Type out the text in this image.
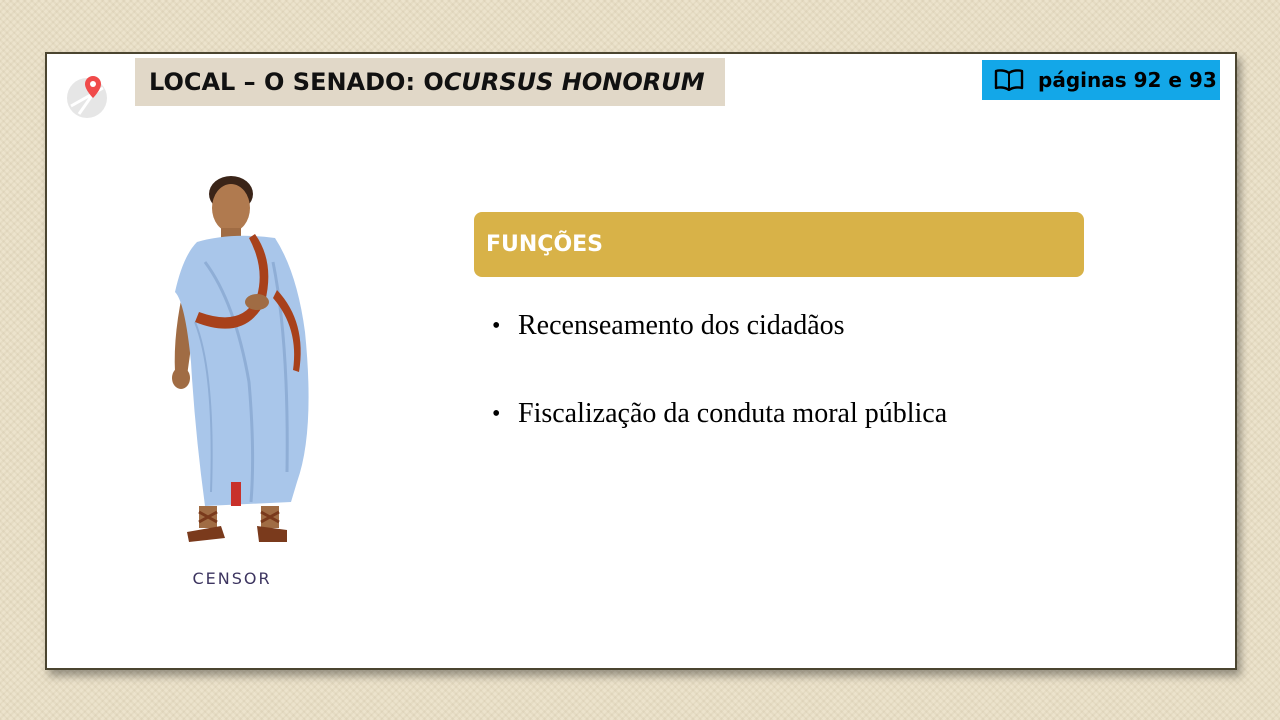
LOCAL – O SENADO: O CURSUS HONORUM	páginas 92 e 93
CENSOR
FUNÇÕES
• Recenseamento dos cidadãos
• Fiscalização da conduta moral pública
